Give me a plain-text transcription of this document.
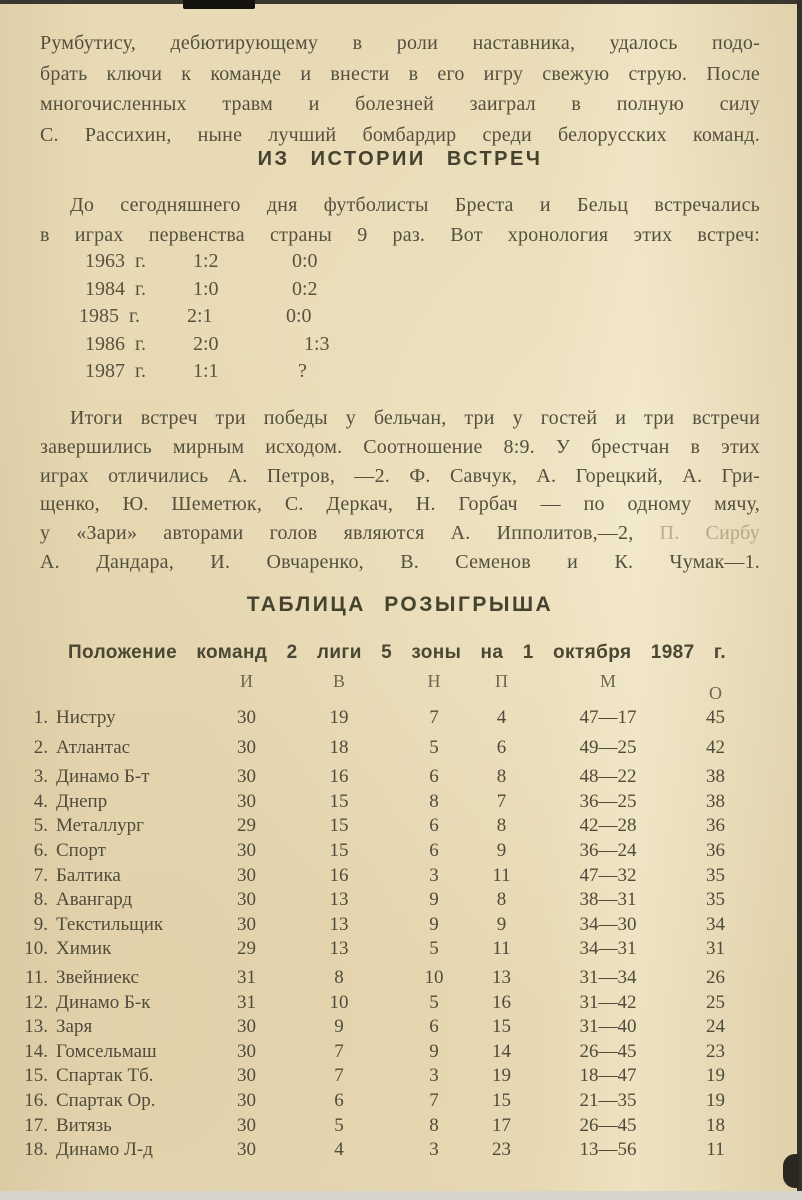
Румбутису, дебютирующему в роли наставника, удалось подо-
брать ключи к команде и внести в его игру свежую струю. После
многочисленных травм и болезней заиграл в полную силу
С. Рассихин, ныне лучший бомбардир среди белорусских команд.
ИЗ ИСТОРИИ ВСТРЕЧ
До сегодняшнего дня футболисты Бреста и Бельц встречались
в играх первенства страны 9 раз. Вот хронология этих встреч:
1963 г.	1:2	0:0
1984 г.	1:0	0:2
1985 г.	2:1	0:0
1986 г.	2:0	1:3
1987 г.	1:1	?
Итоги встреч три победы у бельчан, три у гостей и три встречи
завершились мирным исходом. Соотношение 8:9. У брестчан в этих
играх отличились А. Петров, —2. Ф. Савчук, А. Горецкий, А. Гри-
щенко, Ю. Шеметюк, С. Деркач, Н. Горбач — по одному мячу,
у «Зари» авторами голов являются А. Ипполитов,—2, П. Сирбу
А. Дандара, И. Овчаренко, В. Семенов и К. Чумак—1.
ТАБЛИЦА РОЗЫГРЫША
Положение команд 2 лиги 5 зоны на 1 октября 1987 г.
И	В	Н	П	М
О
1. Нистру	30	19	7	4	47—17	45
2. Атлантас	30	18	5	6	49—25	42
3. Динамо Б-т	30	16	6	8	48—22	38
4. Днепр	30	15	8	7	36—25	38
5. Металлург	29	15	6	8	42—28	36
6. Спорт	30	15	6	9	36—24	36
7. Балтика	30	16	3	11	47—32	35
8. Авангард	30	13	9	8	38—31	35
9. Текстильщик	30	13	9	9	34—30	34
10. Химик	29	13	5	11	34—31	31
11. Звейниекс	31	8	10	13	31—34	26
12. Динамо Б-к	31	10	5	16	31—42	25
13. Заря	30	9	6	15	31—40	24
14. Гомсельмаш	30	7	9	14	26—45	23
15. Спартак Тб.	30	7	3	19	18—47	19
16. Спартак Ор.	30	6	7	15	21—35	19
17. Витязь	30	5	8	17	26—45	18
18. Динамо Л-д	30	4	3	23	13—56	11
